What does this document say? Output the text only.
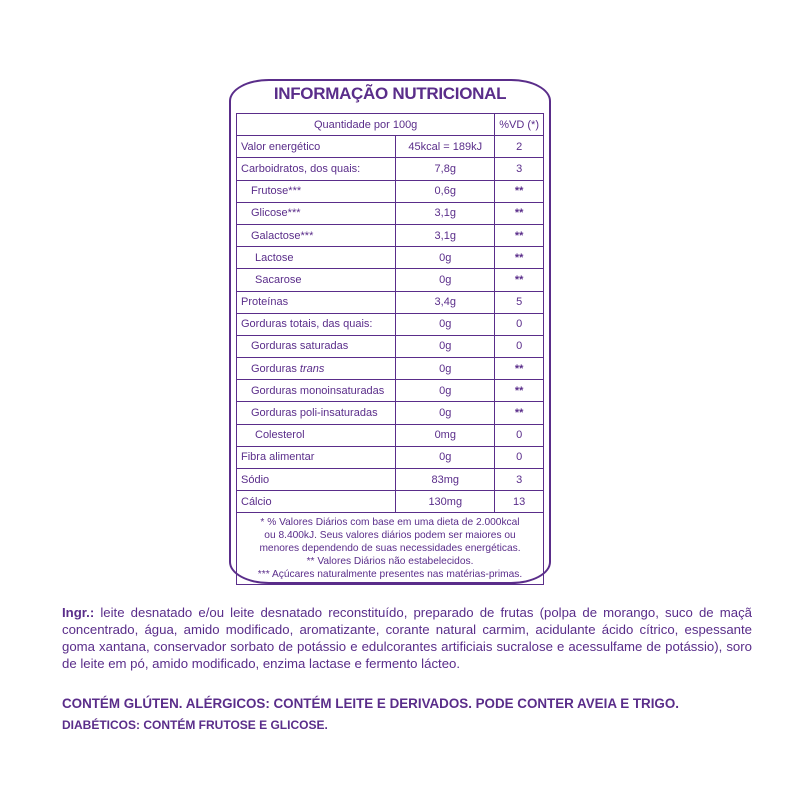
INFORMAÇÃO NUTRICIONAL
Quantidade por 100g		%VD (*)
Valor energético	45kcal = 189kJ	2
Carboidratos, dos quais:	7,8g	3
Frutose***	0,6g	**
Glicose***	3,1g	**
Galactose***	3,1g	**
Lactose	0g	**
Sacarose	0g	**
Proteínas	3,4g	5
Gorduras totais, das quais:	0g	0
Gorduras saturadas	0g	0
Gorduras trans	0g	**
Gorduras monoinsaturadas	0g	**
Gorduras poli-insaturadas	0g	**
Colesterol	0mg	0
Fibra alimentar	0g	0
Sódio	83mg	3
Cálcio	130mg	13

* % Valores Diários com base em uma dieta de 2.000kcal
ou 8.400kJ. Seus valores diários podem ser maiores ou
menores dependendo de suas necessidades energéticas.
** Valores Diários não estabelecidos.
*** Açúcares naturalmente presentes nas matérias-primas.		
Ingr.: leite desnatado e/ou leite desnatado reconstituído, preparado de frutas (polpa de morango, suco de maçã concentrado, água, amido modificado, aromatizante, corante natural carmim, acidulante ácido cítrico, espessante goma xantana, conservador sorbato de potássio e edulcorantes artificiais sucralose e acessulfame de potássio), soro de leite em pó, amido modificado, enzima lactase e fermento lácteo.
CONTÉM GLÚTEN. ALÉRGICOS: CONTÉM LEITE E DERIVADOS. PODE CONTER AVEIA E TRIGO.
DIABÉTICOS: CONTÉM FRUTOSE E GLICOSE.
